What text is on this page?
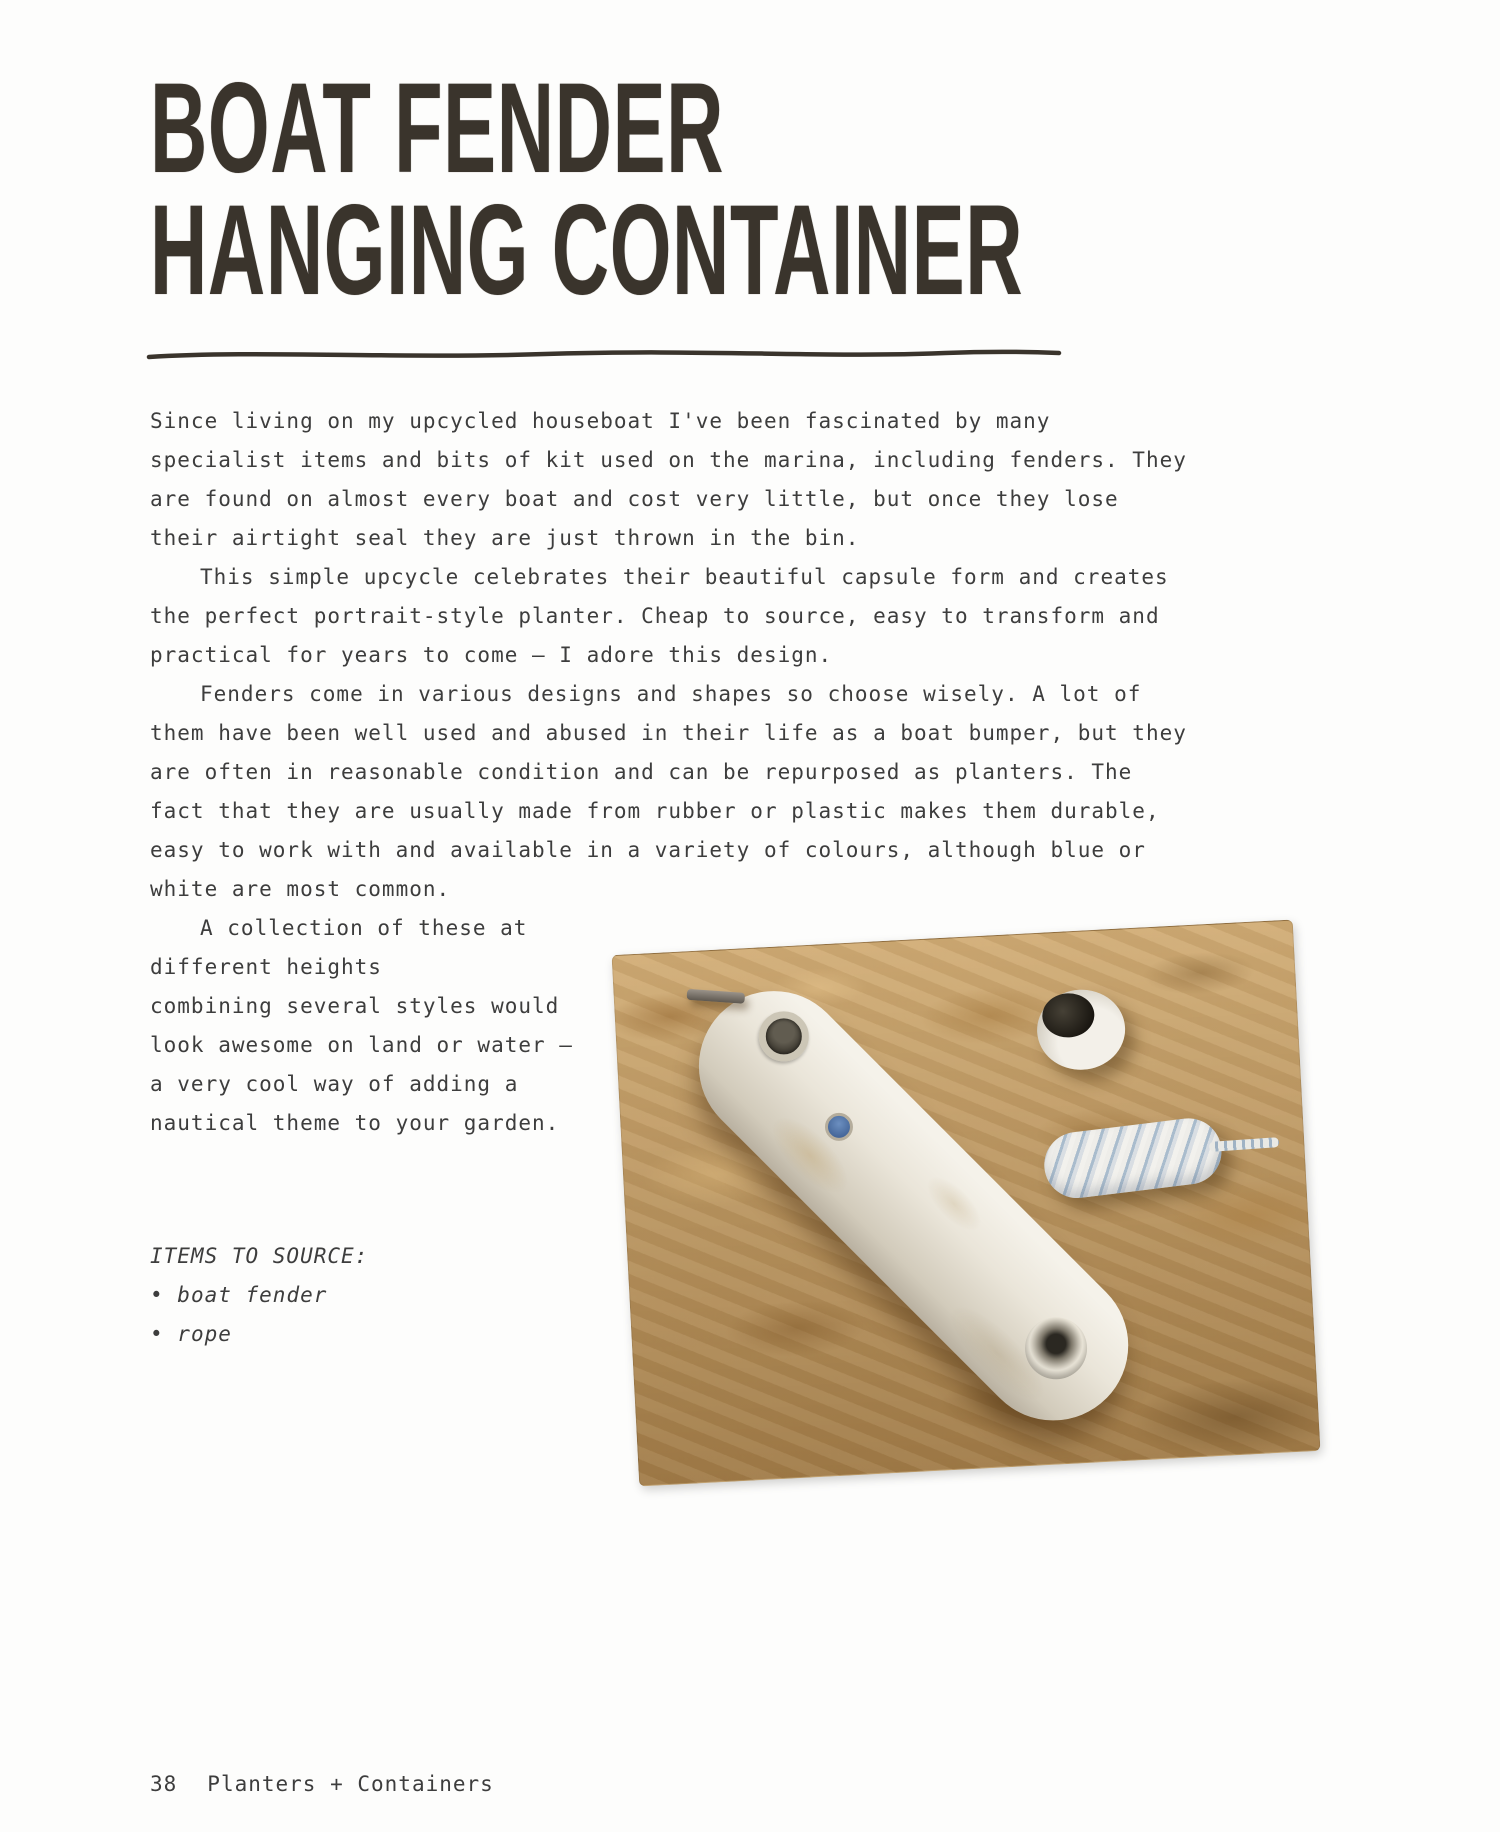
BOAT FENDER
HANGING CONTAINER

Since living on my upcycled houseboat I've been fascinated by many specialist items and bits of kit used on the marina, including fenders. They are found on almost every boat and cost very little, but once they lose their airtight seal they are just thrown in the bin.

This simple upcycle celebrates their beautiful capsule form and creates the perfect portrait-style planter. Cheap to source, easy to transform and practical for years to come — I adore this design.

Fenders come in various designs and shapes so choose wisely. A lot of them have been well used and abused in their life as a boat bumper, but they are often in reasonable condition and can be repurposed as planters. The fact that they are usually made from rubber or plastic makes them durable, easy to work with and available in a variety of colours, although blue or white are most common.

A collection of these at different heights
combining several styles would look awesome on land or water — a very cool way of adding a nautical theme to your garden.

ITEMS TO SOURCE:

• boat fender
• rope
38 Planters + Containers
